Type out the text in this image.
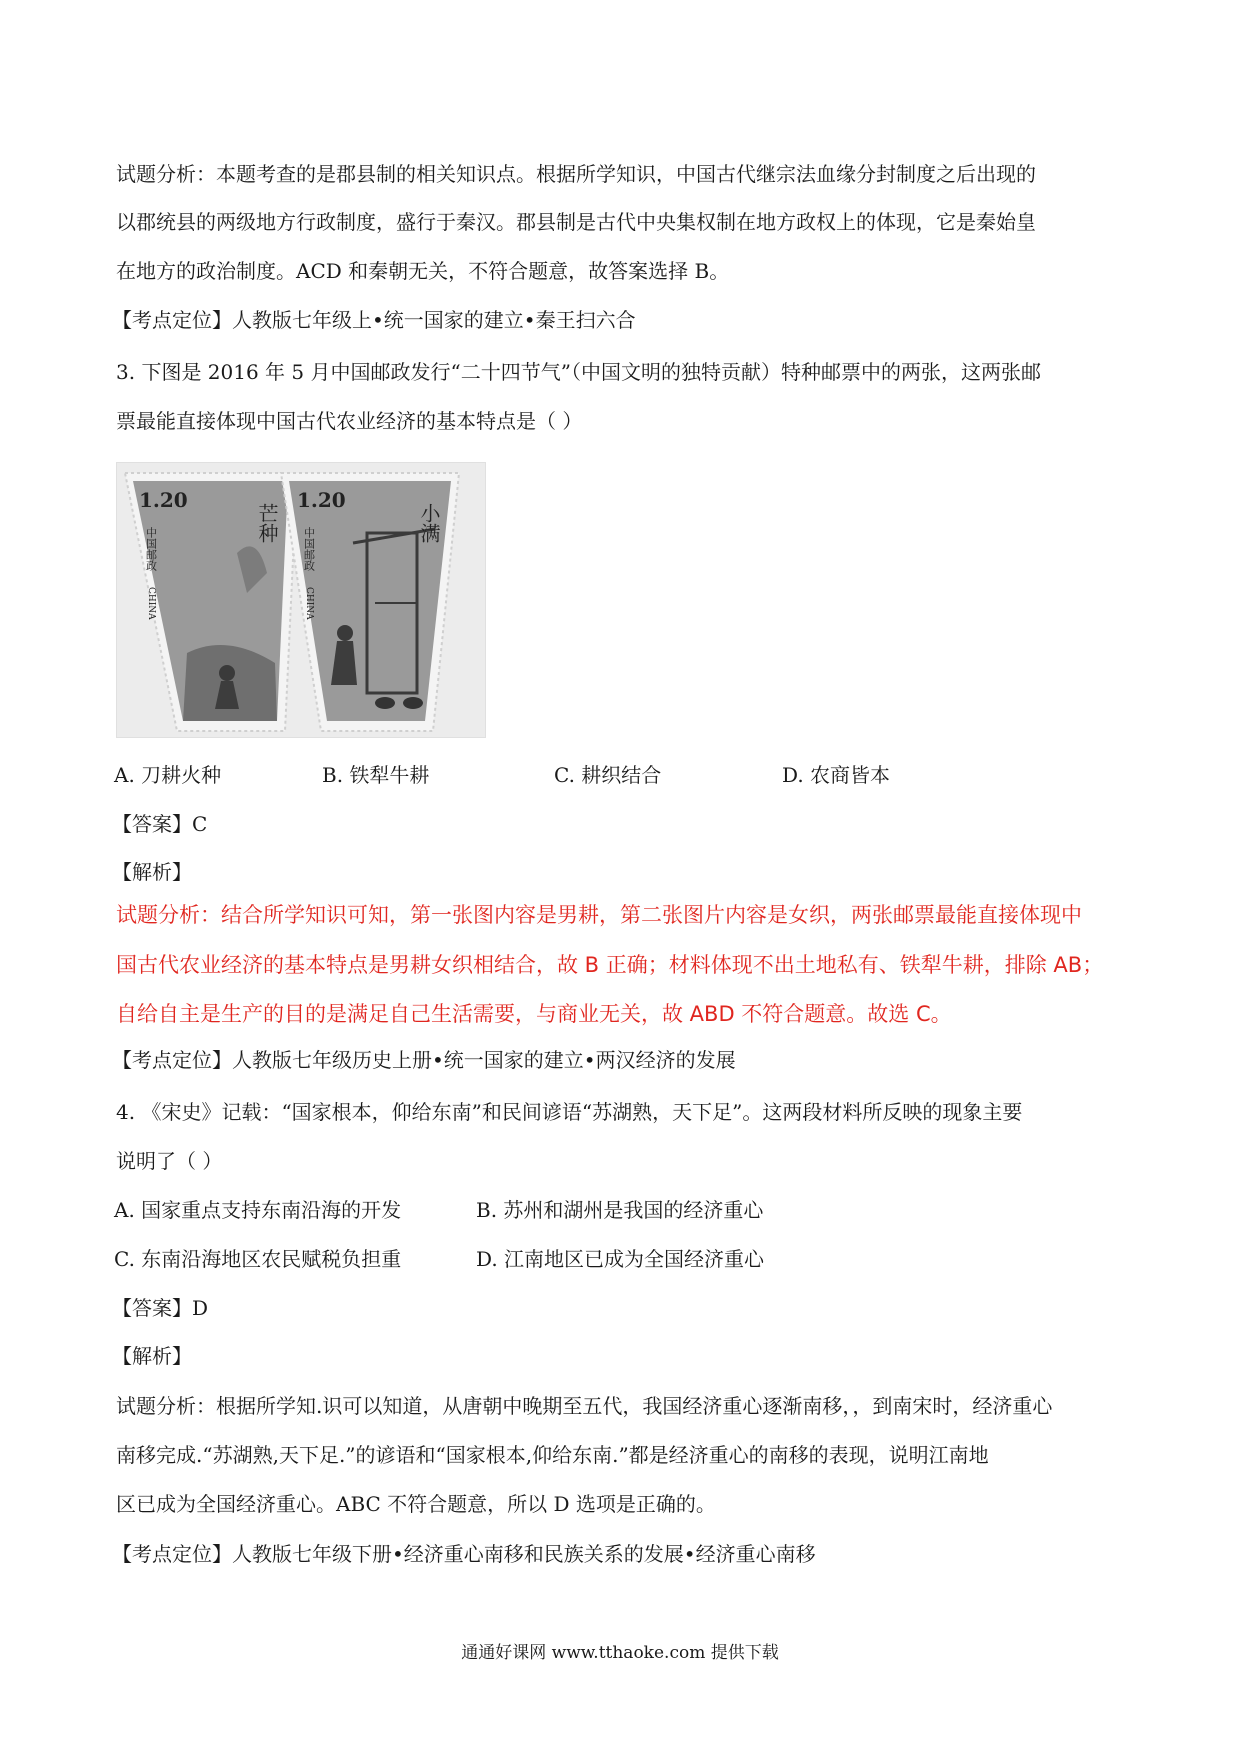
试题分析：本题考查的是郡县制的相关知识点。根据所学知识，中国古代继宗法血缘分封制度之后出现的
以郡统县的两级地方行政制度，盛行于秦汉。郡县制是古代中央集权制在地方政权上的体现，它是秦始皇
在地方的政治制度。ACD 和秦朝无关，不符合题意，故答案选择 B。
【考点定位】人教版七年级上•统一国家的建立•秦王扫六合
3. 下图是 2016 年 5 月中国邮政发行“二十四节气”（中国文明的独特贡献）特种邮票中的两张，这两张邮
票最能直接体现中国古代农业经济的基本特点是（ ）
1.20
芒种
中国邮政
CHINA
1.20
小满
中国邮政
CHINA
A. 刀耕火种	B. 铁犁牛耕	C. 耕织结合	D. 农商皆本
【答案】C
【解析】
试题分析：结合所学知识可知，第一张图内容是男耕，第二张图片内容是女织，两张邮票最能直接体现中
国古代农业经济的基本特点是男耕女织相结合，故 B 正确；材料体现不出土地私有、铁犁牛耕，排除 AB；
自给自主是生产的目的是满足自己生活需要，与商业无关，故 ABD 不符合题意。故选 C。
【考点定位】人教版七年级历史上册•统一国家的建立•两汉经济的发展
4. 《宋史》记载：“国家根本，仰给东南”和民间谚语“苏湖熟，天下足”。这两段材料所反映的现象主要
说明了（ ）
A. 国家重点支持东南沿海的开发	B. 苏州和湖州是我国的经济重心
C. 东南沿海地区农民赋税负担重	D. 江南地区已成为全国经济重心
【答案】D
【解析】
试题分析：根据所学知.识可以知道，从唐朝中晚期至五代，我国经济重心逐渐南移，，到南宋时，经济重心
南移完成.“苏湖熟,天下足.”的谚语和“国家根本,仰给东南.”都是经济重心的南移的表现，说明江南地
区已成为全国经济重心。ABC 不符合题意，所以 D 选项是正确的。
【考点定位】人教版七年级下册•经济重心南移和民族关系的发展•经济重心南移
通通好课网 www.tthaoke.com 提供下载
